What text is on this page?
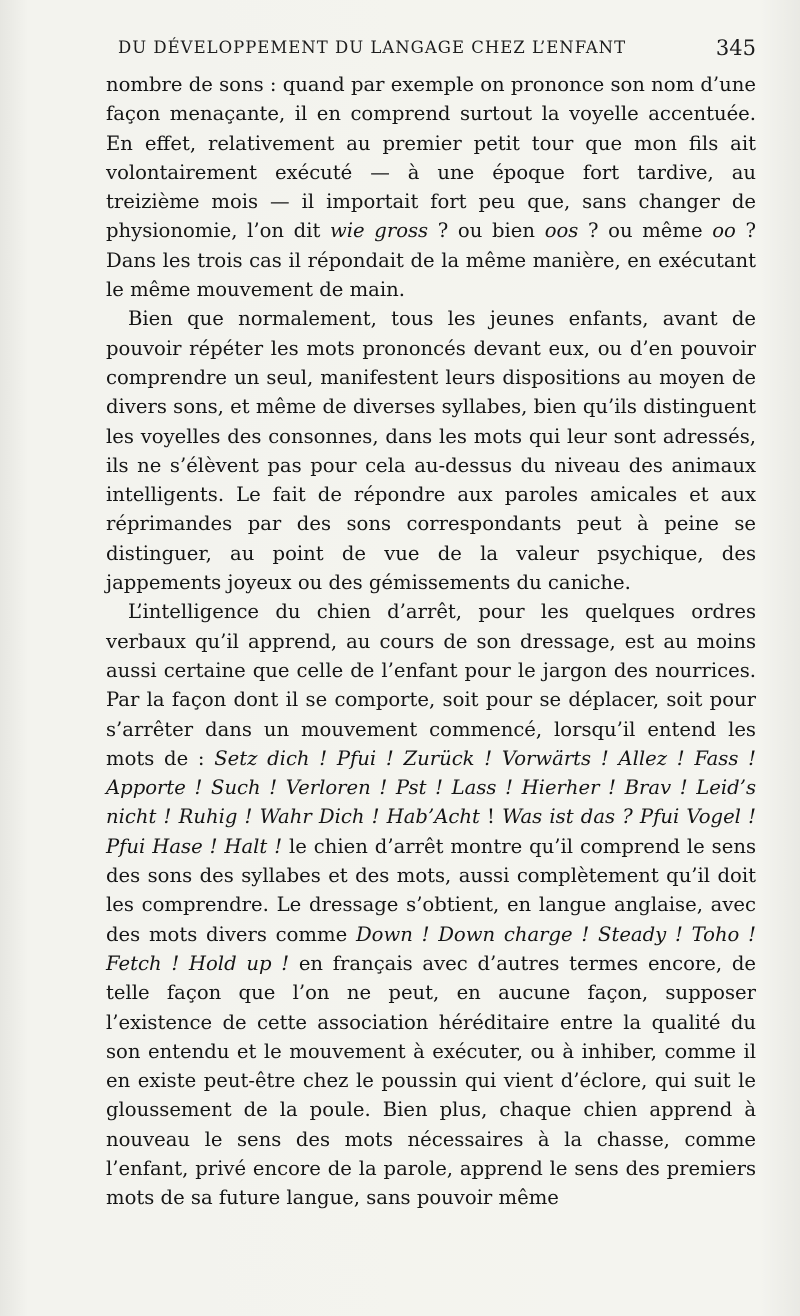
DU DÉVELOPPEMENT DU LANGAGE CHEZ L’ENFANT	345

nombre de sons : quand par exemple on prononce son nom d’une façon menaçante, il en comprend surtout la voyelle accentuée. En effet, relativement au premier petit tour que mon fils ait volontairement exécuté — à une époque fort tardive, au treizième mois — il importait fort peu que, sans changer de physionomie, l’on dit wie gross ? ou bien oos ? ou même oo ? Dans les trois cas il répondait de la même manière, en exécutant le même mouvement de main.

Bien que normalement, tous les jeunes enfants, avant de pouvoir répéter les mots prononcés devant eux, ou d’en pouvoir comprendre un seul, manifestent leurs dispositions au moyen de divers sons, et même de diverses syllabes, bien qu’ils distinguent les voyelles des consonnes, dans les mots qui leur sont adressés, ils ne s’élèvent pas pour cela au-dessus du niveau des animaux intelligents. Le fait de répondre aux paroles amicales et aux réprimandes par des sons correspondants peut à peine se distinguer, au point de vue de la valeur psychique, des jappements joyeux ou des gémissements du caniche.

L’intelligence du chien d’arrêt, pour les quelques ordres verbaux qu’il apprend, au cours de son dressage, est au moins aussi certaine que celle de l’enfant pour le jargon des nourrices. Par la façon dont il se comporte, soit pour se déplacer, soit pour s’arrêter dans un mouvement commencé, lorsqu’il entend les mots de : Setz dich ! Pfui ! Zurück ! Vorwärts ! Allez ! Fass ! Apporte ! Such ! Verloren ! Pst ! Lass ! Hierher ! Brav ! Leid’s nicht ! Ruhig ! Wahr Dich ! Hab’Acht ! Was ist das ? Pfui Vogel ! Pfui Hase ! Halt ! le chien d’arrêt montre qu’il comprend le sens des sons des syllabes et des mots, aussi complètement qu’il doit les comprendre. Le dressage s’obtient, en langue anglaise, avec des mots divers comme Down ! Down charge ! Steady ! Toho ! Fetch ! Hold up ! en français avec d’autres termes encore, de telle façon que l’on ne peut, en aucune façon, supposer l’existence de cette association héréditaire entre la qualité du son entendu et le mouvement à exécuter, ou à inhiber, comme il en existe peut-être chez le poussin qui vient d’éclore, qui suit le gloussement de la poule. Bien plus, chaque chien apprend à nouveau le sens des mots nécessaires à la chasse, comme l’enfant, privé encore de la parole, apprend le sens des premiers mots de sa future langue, sans pouvoir même
